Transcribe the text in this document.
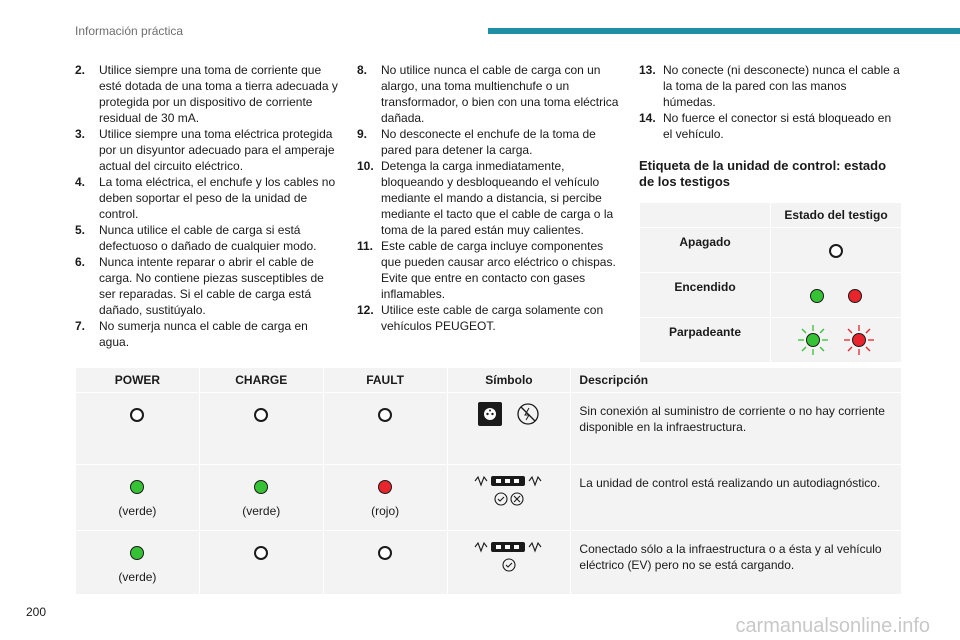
Información práctica

2. Utilice siempre una toma de corriente que esté dotada de una toma a tierra adecuada y protegida por un dispositivo de corriente residual de 30 mA.

3. Utilice siempre una toma eléctrica protegida por un disyuntor adecuado para el amperaje actual del circuito eléctrico.

4. La toma eléctrica, el enchufe y los cables no deben soportar el peso de la unidad de control.

5. Nunca utilice el cable de carga si está defectuoso o dañado de cualquier modo.

6. Nunca intente reparar o abrir el cable de carga. No contiene piezas susceptibles de ser reparadas. Si el cable de carga está dañado, sustitúyalo.

7. No sumerja nunca el cable de carga en agua.

8. No utilice nunca el cable de carga con un alargo, una toma multienchufe o un transformador, o bien con una toma eléctrica dañada.

9. No desconecte el enchufe de la toma de pared para detener la carga.

10. Detenga la carga inmediatamente, bloqueando y desbloqueando el vehículo mediante el mando a distancia, si percibe mediante el tacto que el cable de carga o la toma de la pared están muy calientes.

11. Este cable de carga incluye componentes que pueden causar arco eléctrico o chispas. Evite que entre en contacto con gases inflamables.

12. Utilice este cable de carga solamente con vehículos PEUGEOT.

13. No conecte (ni desconecte) nunca el cable a la toma de la pared con las manos húmedas.

14. No fuerce el conector si está bloqueado en el vehículo.

Etiqueta de la unidad de control: estado de los testigos
	Estado del testigo
Apagado	
Encendido	
Parpadeante	
POWER	CHARGE	FAULT	Símbolo	Descripción
				Sin conexión al suministro de corriente o no hay corriente disponible en la infraestructura.

(verde)	(verde)	(rojo)		La unidad de control está realizando un autodiagnóstico.

(verde)				Conectado sólo a la infraestructura o a ésta y al vehículo eléctrico (EV) pero no se está cargando.
200
carmanualsonline.info
